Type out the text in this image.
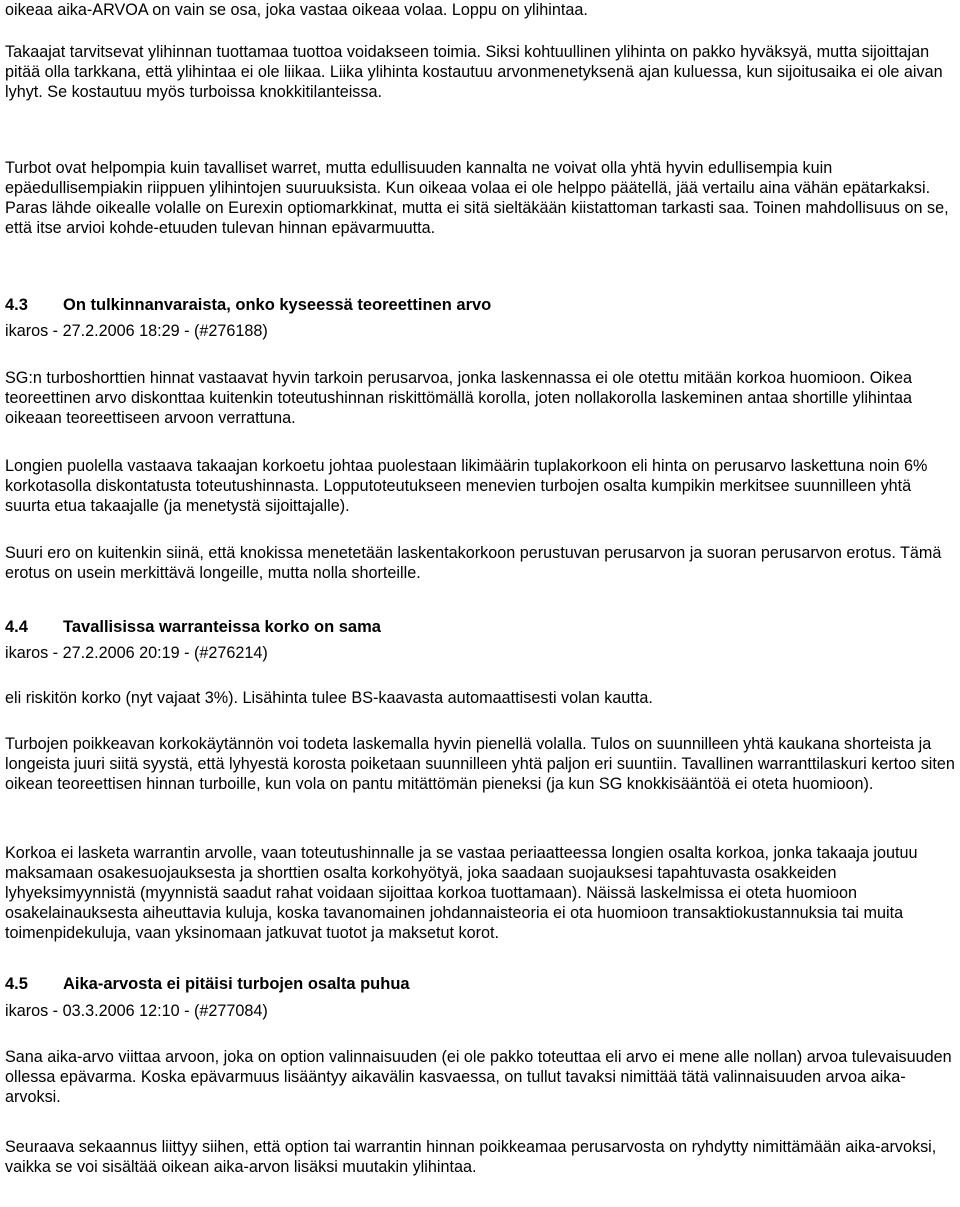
oikeaa aika-ARVOA on vain se osa, joka vastaa oikeaa volaa. Loppu on ylihintaa.

Takaajat tarvitsevat ylihinnan tuottamaa tuottoa voidakseen toimia. Siksi kohtuullinen ylihinta on pakko hyväksyä, mutta sijoittajan pitää olla tarkkana, että ylihintaa ei ole liikaa. Liika ylihinta kostautuu arvonmenetyksenä ajan kuluessa, kun sijoitusaika ei ole aivan lyhyt. Se kostautuu myös turboissa knokkitilanteissa.

Turbot ovat helpompia kuin tavalliset warret, mutta edullisuuden kannalta ne voivat olla yhtä hyvin edullisempia kuin epäedullisempiakin riippuen ylihintojen suuruuksista. Kun oikeaa volaa ei ole helppo päätellä, jää vertailu aina vähän epätarkaksi. Paras lähde oikealle volalle on Eurexin optiomarkkinat, mutta ei sitä sieltäkään kiistattoman tarkasti saa. Toinen mahdollisuus on se, että itse arvioi kohde-etuuden tulevan hinnan epävarmuutta.

4.3 On tulkinnanvaraista, onko kyseessä teoreettinen arvo

ikaros - 27.2.2006 18:29 - (#276188)

SG:n turboshorttien hinnat vastaavat hyvin tarkoin perusarvoa, jonka laskennassa ei ole otettu mitään korkoa huomioon. Oikea teoreettinen arvo diskonttaa kuitenkin toteutushinnan riskittömällä korolla, joten nollakorolla laskeminen antaa shortille ylihintaa oikeaan teoreettiseen arvoon verrattuna.

Longien puolella vastaava takaajan korkoetu johtaa puolestaan likimäärin tuplakorkoon eli hinta on perusarvo laskettuna noin 6% korkotasolla diskontatusta toteutushinnasta. Lopputoteutukseen menevien turbojen osalta kumpikin merkitsee suunnilleen yhtä suurta etua takaajalle (ja menetystä sijoittajalle).

Suuri ero on kuitenkin siinä, että knokissa menetetään laskentakorkoon perustuvan perusarvon ja suoran perusarvon erotus. Tämä erotus on usein merkittävä longeille, mutta nolla shorteille.

4.4 Tavallisissa warranteissa korko on sama

ikaros - 27.2.2006 20:19 - (#276214)

eli riskitön korko (nyt vajaat 3%). Lisähinta tulee BS-kaavasta automaattisesti volan kautta.

Turbojen poikkeavan korkokäytännön voi todeta laskemalla hyvin pienellä volalla. Tulos on suunnilleen yhtä kaukana shorteista ja longeista juuri siitä syystä, että lyhyestä korosta poiketaan suunnilleen yhtä paljon eri suuntiin. Tavallinen warranttilaskuri kertoo siten oikean teoreettisen hinnan turboille, kun vola on pantu mitättömän pieneksi (ja kun SG knokkisääntöä ei oteta huomioon).

Korkoa ei lasketa warrantin arvolle, vaan toteutushinnalle ja se vastaa periaatteessa longien osalta korkoa, jonka takaaja joutuu maksamaan osakesuojauksesta ja shorttien osalta korkohyötyä, joka saadaan suojauksesi tapahtuvasta osakkeiden lyhyeksimyynnistä (myynnistä saadut rahat voidaan sijoittaa korkoa tuottamaan). Näissä laskelmissa ei oteta huomioon osakelainauksesta aiheuttavia kuluja, koska tavanomainen johdannaisteoria ei ota huomioon transaktiokustannuksia tai muita toimenpidekuluja, vaan yksinomaan jatkuvat tuotot ja maksetut korot.

4.5 Aika-arvosta ei pitäisi turbojen osalta puhua

ikaros - 03.3.2006 12:10 - (#277084)

Sana aika-arvo viittaa arvoon, joka on option valinnaisuuden (ei ole pakko toteuttaa eli arvo ei mene alle nollan) arvoa tulevaisuuden ollessa epävarma. Koska epävarmuus lisääntyy aikavälin kasvaessa, on tullut tavaksi nimittää tätä valinnaisuuden arvoa aika-arvoksi.

Seuraava sekaannus liittyy siihen, että option tai warrantin hinnan poikkeamaa perusarvosta on ryhdytty nimittämään aika-arvoksi, vaikka se voi sisältää oikean aika-arvon lisäksi muutakin ylihintaa.
